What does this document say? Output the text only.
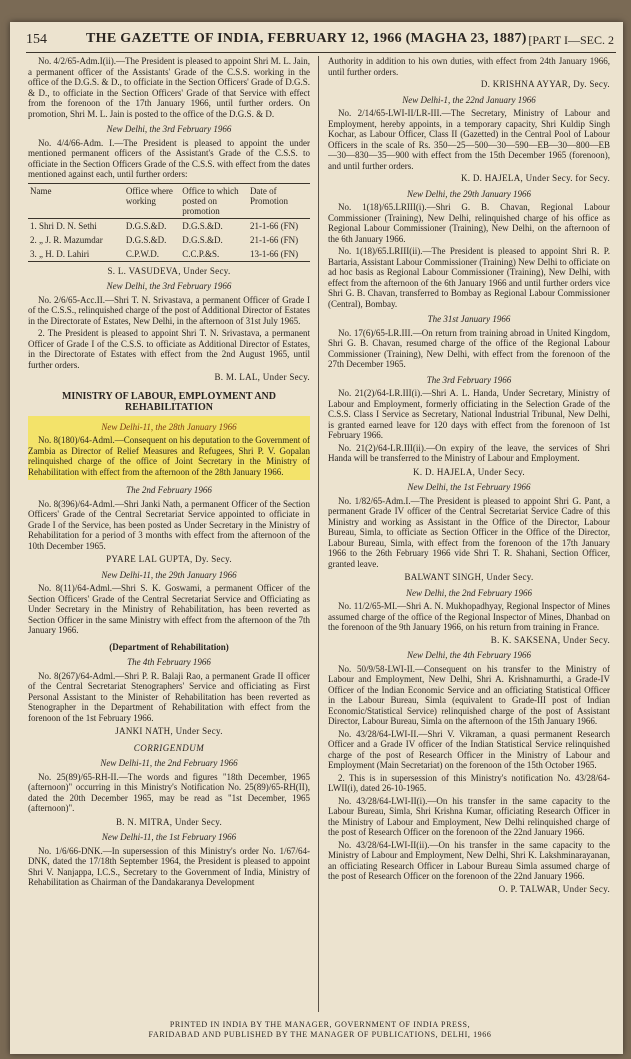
154	THE GAZETTE OF INDIA, FEBRUARY 12, 1966 (MAGHA 23, 1887) [PART I—SEC. 2

No. 4/2/65-Adm.I(ii).—The President is pleased to appoint Shri M. L. Jain, a permanent officer of the Assistants' Grade of the C.S.S. working in the office of the D.G.S. & D., to officiate in the Section Officers' Grade of D.G.S. & D., to officiate in the Section Officers' Grade of that Service with effect from the forenoon of the 17th January 1966, until further orders. On promotion, Shri M. L. Jain is posted to the office of the D.G.S. & D.

New Delhi, the 3rd February 1966

No. 4/4/66-Adm. I.—The President is pleased to appoint the under mentioned permanent officers of the Assistant's Grade of the C.S.S. to officiate in the Section Officers Grade of the C.S.S. with effect from the dates mentioned against each, until further orders:

Name	Office where working	Office to which posted on promotion	Date of Promotion
1. Shri D. N. Sethi	D.G.S.&D.	D.G.S.&D.	21-1-66 (FN)
2. „ J. R. Mazumdar	D.G.S.&D.	D.G.S.&D.	21-1-66 (FN)
3. „ H. D. Lahiri	C.P.W.D.	C.C.P.&S.	13-1-66 (FN)
S. L. VASUDEVA, Under Secy.
New Delhi, the 3rd February 1966

No. 2/6/65-Acc.II.—Shri T. N. Srivastava, a permanent Officer of Grade I of the C.S.S., relinquished charge of the post of Additional Director of Estates in the Directorate of Estates, New Delhi, in the afternoon of 31st July 1965.

2. The President is pleased to appoint Shri T. N. Srivastava, a permanent Officer of Grade I of the C.S.S. to officiate as Additional Director of Estates, in the Directorate of Estates with effect from the 2nd August 1965, until further orders.

B. M. LAL, Under Secy.
MINISTRY OF LABOUR, EMPLOYMENT AND REHABILITATION
New Delhi-11, the 28th January 1966

No. 8(180)/64-Adml.—Consequent on his deputation to the Government of Zambia as Director of Relief Measures and Refugees, Shri P. V. Gopalan relinquished charge of the office of Joint Secretary in the Ministry of Rehabilitation with effect from the afternoon of the 28th January 1966.

The 2nd February 1966

No. 8(396)/64-Adml.—Shri Janki Nath, a permanent Officer of the Section Officers' Grade of the Central Secretariat Service appointed to officiate in Grade I of the Service, has been posted as Under Secretary in the Ministry of Rehabilitation for a period of 3 months with effect from the afternoon of the 10th December 1965.

PYARE LAL GUPTA, Dy. Secy.
New Delhi-11, the 29th January 1966

No. 8(11)/64-Adml.—Shri S. K. Goswami, a permanent Officer of the Section Officers' Grade of the Central Secretariat Service and Officiating as Under Secretary in the Ministry of Rehabilitation, has been reverted as Section Officer in the same Ministry with effect from the afternoon of the 7th January 1966.

(Department of Rehabilitation)
The 4th February 1966

No. 8(267)/64-Adml.—Shri P. R. Balaji Rao, a permanent Grade II officer of the Central Secretariat Stenographers' Service and officiating as First Personal Assistant to the Minister of Rehabilitation has been reverted as Stenographer in the Department of Rehabilitation with effect from the forenoon of the 1st February 1966.

JANKI NATH, Under Secy.
CORRIGENDUM
New Delhi-11, the 2nd February 1966

No. 25(89)/65-RH-II.—The words and figures "18th December, 1965 (afternoon)" occurring in this Ministry's Notification No. 25(89)/65-RH(II), dated the 20th December 1965, may be read as "1st December, 1965 (afternoon)".

B. N. MITRA, Under Secy.
New Delhi-11, the 1st February 1966

No. 1/6/66-DNK.—In supersession of this Ministry's order No. 1/67/64-DNK, dated the 17/18th September 1964, the President is pleased to appoint Shri V. Nanjappa, I.C.S., Secretary to the Government of India, Ministry of Rehabilitation as Chairman of the Dandakaranya Development

Authority in addition to his own duties, with effect from 24th January 1966, until further orders.

D. KRISHNA AYYAR, Dy. Secy.
New Delhi-1, the 22nd January 1966

No. 2/14/65-LWI-II/LR-III.—The Secretary, Ministry of Labour and Employment, hereby appoints, in a temporary capacity, Shri Kuldip Singh Kochar, as Labour Officer, Class II (Gazetted) in the Central Pool of Labour Officers in the scale of Rs. 350—25—500—30—590—EB—30—800—EB—30—830—35—900 with effect from the 15th December 1965 (forenoon), and until further orders.

K. D. HAJELA, Under Secy. for Secy.
New Delhi, the 29th January 1966

No. 1(18)/65.LRIII(i).—Shri G. B. Chavan, Regional Labour Commissioner (Training), New Delhi, relinquished charge of his office as Regional Labour Commissioner (Training), New Delhi, on the afternoon of the 6th January 1966.

No. 1(18)/65.LRIII(ii).—The President is pleased to appoint Shri R. P. Bartaria, Assistant Labour Commissioner (Training) New Delhi to officiate on ad hoc basis as Regional Labour Commissioner (Training), New Delhi, with effect from the afternoon of the 6th January 1966 and until further orders vice Shri G. B. Chavan, transferred to Bombay as Regional Labour Commissioner (Central), Bombay.

The 31st January 1966

No. 17(6)/65-LR.III.—On return from training abroad in United Kingdom, Shri G. B. Chavan, resumed charge of the office of the Regional Labour Commissioner (Training), New Delhi, with effect from the forenoon of the 27th December 1965.

The 3rd February 1966

No. 21(2)/64-LR.III(i).—Shri A. L. Handa, Under Secretary, Ministry of Labour and Employment, formerly officiating in the Selection Grade of the C.S.S. Class I Service as Secretary, National Industrial Tribunal, New Delhi, is granted earned leave for 120 days with effect from the forenoon of 1st February 1966.

No. 21(2)/64-LR.III(ii).—On expiry of the leave, the services of Shri Handa will be transferred to the Ministry of Labour and Employment.

K. D. HAJELA, Under Secy.
New Delhi, the 1st February 1966

No. 1/82/65-Adm.I.—The President is pleased to appoint Shri G. Pant, a permanent Grade IV officer of the Central Secretariat Service Cadre of this Ministry and working as Assistant in the Office of the Director, Labour Bureau, Simla, to officiate as Section Officer in the Office of the Director, Labour Bureau, Simla, with effect from the forenoon of the 17th January 1966 to the 26th February 1966 vide Shri T. R. Shahani, Section Officer, granted leave.

BALWANT SINGH, Under Secy.
New Delhi, the 2nd February 1966

No. 11/2/65-MI.—Shri A. N. Mukhopadhyay, Regional Inspector of Mines assumed charge of the office of the Regional Inspector of Mines, Dhanbad on the forenoon of the 9th January 1966, on his return from training in France.

B. K. SAKSENA, Under Secy.
New Delhi, the 4th February 1966

No. 50/9/58-LWI-II.—Consequent on his transfer to the Ministry of Labour and Employment, New Delhi, Shri A. Krishnamurthi, a Grade-IV Officer of the Indian Economic Service and an officiating Statistical Officer in the Labour Bureau, Simla (equivalent to Grade-III post of Indian Economic/Statistical Service) relinquished charge of the post of Assistant Director, Labour Bureau, Simla on the afternoon of the 15th January 1966.

No. 43/28/64-LWI-II.—Shri V. Vikraman, a quasi permanent Research Officer and a Grade IV officer of the Indian Statistical Service relinquished charge of the post of Research Officer in the Ministry of Labour and Employment (Main Secretariat) on the forenoon of the 15th October 1965.

2. This is in supersession of this Ministry's notification No. 43/28/64-LWII(i), dated 26-10-1965.

No. 43/28/64-LWI-II(i).—On his transfer in the same capacity to the Labour Bureau, Simla, Shri Krishna Kumar, officiating Research Officer in the Ministry of Labour and Employment, New Delhi relinquished charge of the post of Research Officer on the forenoon of the 22nd January 1966.

No. 43/28/64-LWI-II(ii).—On his transfer in the same capacity to the Ministry of Labour and Employment, New Delhi, Shri K. Lakshminarayanan, an officiating Research Officer in Labour Bureau Simla assumed charge of the post of Research Officer on the forenoon of the 22nd January 1966.

O. P. TALWAR, Under Secy.
PRINTED IN INDIA BY THE MANAGER, GOVERNMENT OF INDIA PRESS,
FARIDABAD AND PUBLISHED BY THE MANAGER OF PUBLICATIONS, DELHI, 1966
